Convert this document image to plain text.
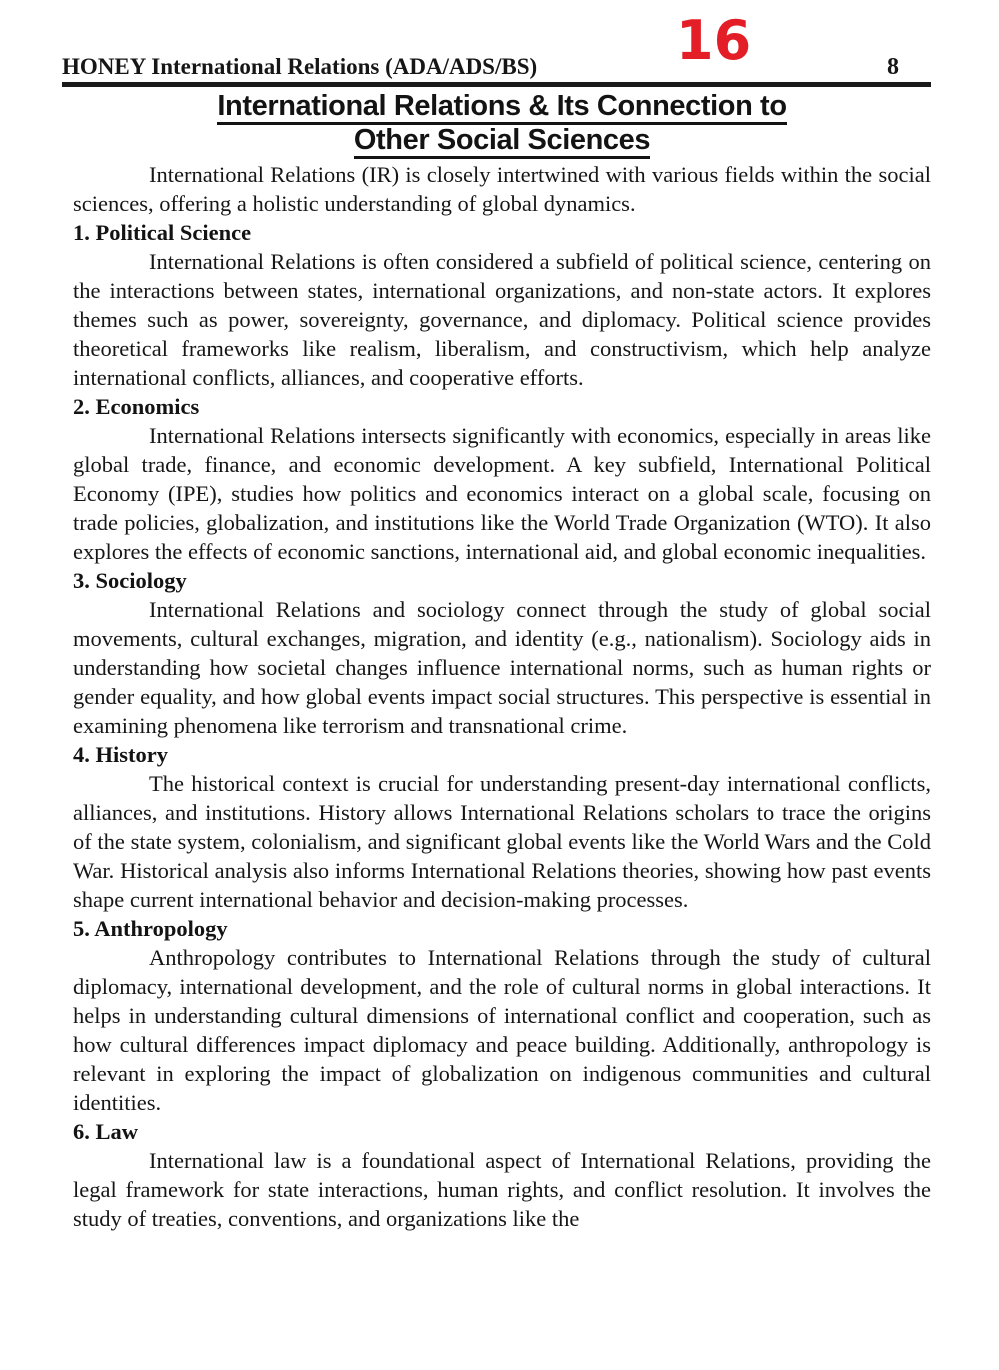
16
HONEY International Relations (ADA/ADS/BS)	8
International Relations & Its Connection to
Other Social Sciences

International Relations (IR) is closely intertwined with various fields within the social sciences, offering a holistic understanding of global dynamics.

1. Political Science

International Relations is often considered a subfield of political science, centering on the interactions between states, international organizations, and non-state actors. It explores themes such as power, sovereignty, governance, and diplomacy. Political science provides theoretical frameworks like realism, liberalism, and constructivism, which help analyze international conflicts, alliances, and cooperative efforts.

2. Economics

International Relations intersects significantly with economics, especially in areas like global trade, finance, and economic development. A key subfield, International Political Economy (IPE), studies how politics and economics interact on a global scale, focusing on trade policies, globalization, and institutions like the World Trade Organization (WTO). It also explores the effects of economic sanctions, international aid, and global economic inequalities.

3. Sociology

International Relations and sociology connect through the study of global social movements, cultural exchanges, migration, and identity (e.g., nationalism). Sociology aids in understanding how societal changes influence international norms, such as human rights or gender equality, and how global events impact social structures. This perspective is essential in examining phenomena like terrorism and transnational crime.

4. History

The historical context is crucial for understanding present-day international conflicts, alliances, and institutions. History allows International Relations scholars to trace the origins of the state system, colonialism, and significant global events like the World Wars and the Cold War. Historical analysis also informs International Relations theories, showing how past events shape current international behavior and decision-making processes.

5. Anthropology

Anthropology contributes to International Relations through the study of cultural diplomacy, international development, and the role of cultural norms in global interactions. It helps in understanding cultural dimensions of international conflict and cooperation, such as how cultural differences impact diplomacy and peace building. Additionally, anthropology is relevant in exploring the impact of globalization on indigenous communities and cultural identities.

6. Law

International law is a foundational aspect of International Relations, providing the legal framework for state interactions, human rights, and conflict resolution. It involves the study of treaties, conventions, and organizations like the
